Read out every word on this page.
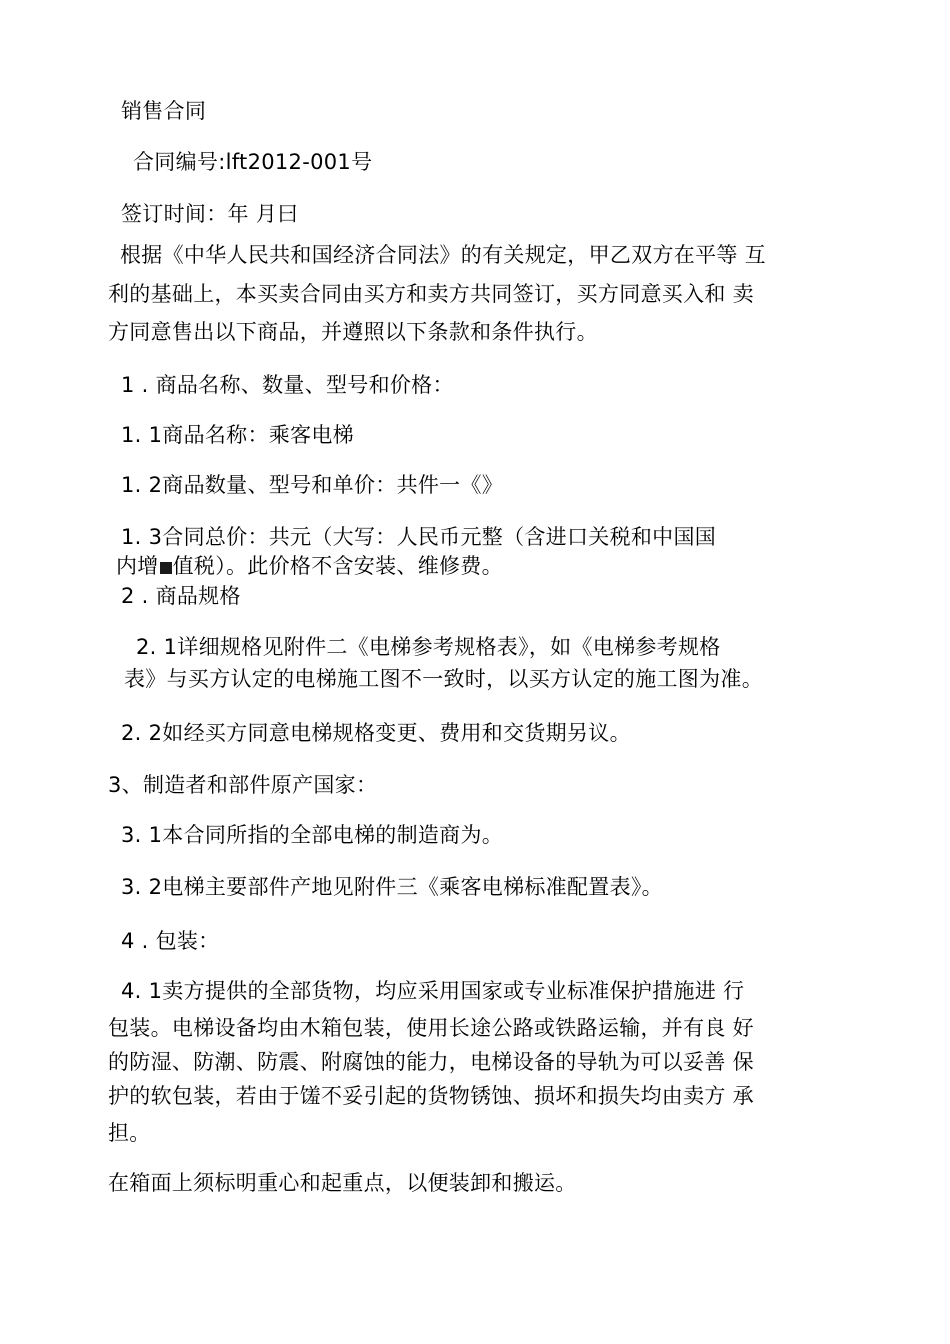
销售合同

合同编号:lft2012-001号

签订时间：年 月曰

根据《中华人民共和国经济合同法》的有关规定，甲乙双方在平等 互

利的基础上，本买卖合同由买方和卖方共同签订，买方同意买入和 卖

方同意售出以下商品，并遵照以下条款和条件执行。

1 . 商品名称、数量、型号和价格：

1. 1商品名称：乘客电梯

1. 2商品数量、型号和单价：共件一《》

1. 3合同总价：共元（大写：人民币元整（含进口关税和中国国

内增 值税）。此价格不含安装、维修费。

2 . 商品规格

2. 1详细规格见附件二《电梯参考规格表》，如《电梯参考规格

表》与买方认定的电梯施工图不一致时，以买方认定的施工图为准。

2. 2如经买方同意电梯规格变更、费用和交货期另议。

3、制造者和部件原产国家：

3. 1本合同所指的全部电梯的制造商为。

3. 2电梯主要部件产地见附件三《乘客电梯标准配置表》。

4 . 包装：

4. 1卖方提供的全部货物，均应采用国家或专业标准保护措施进 行

包装。电梯设备均由木箱包装，使用长途公路或铁路运输，并有良 好

的防湿、防潮、防震、附腐蚀的能力，电梯设备的导轨为可以妥善 保

护的软包装，若由于馐不妥引起的货物锈蚀、损坏和损失均由卖方 承

担。

在箱面上须标明重心和起重点，以便装卸和搬运。
